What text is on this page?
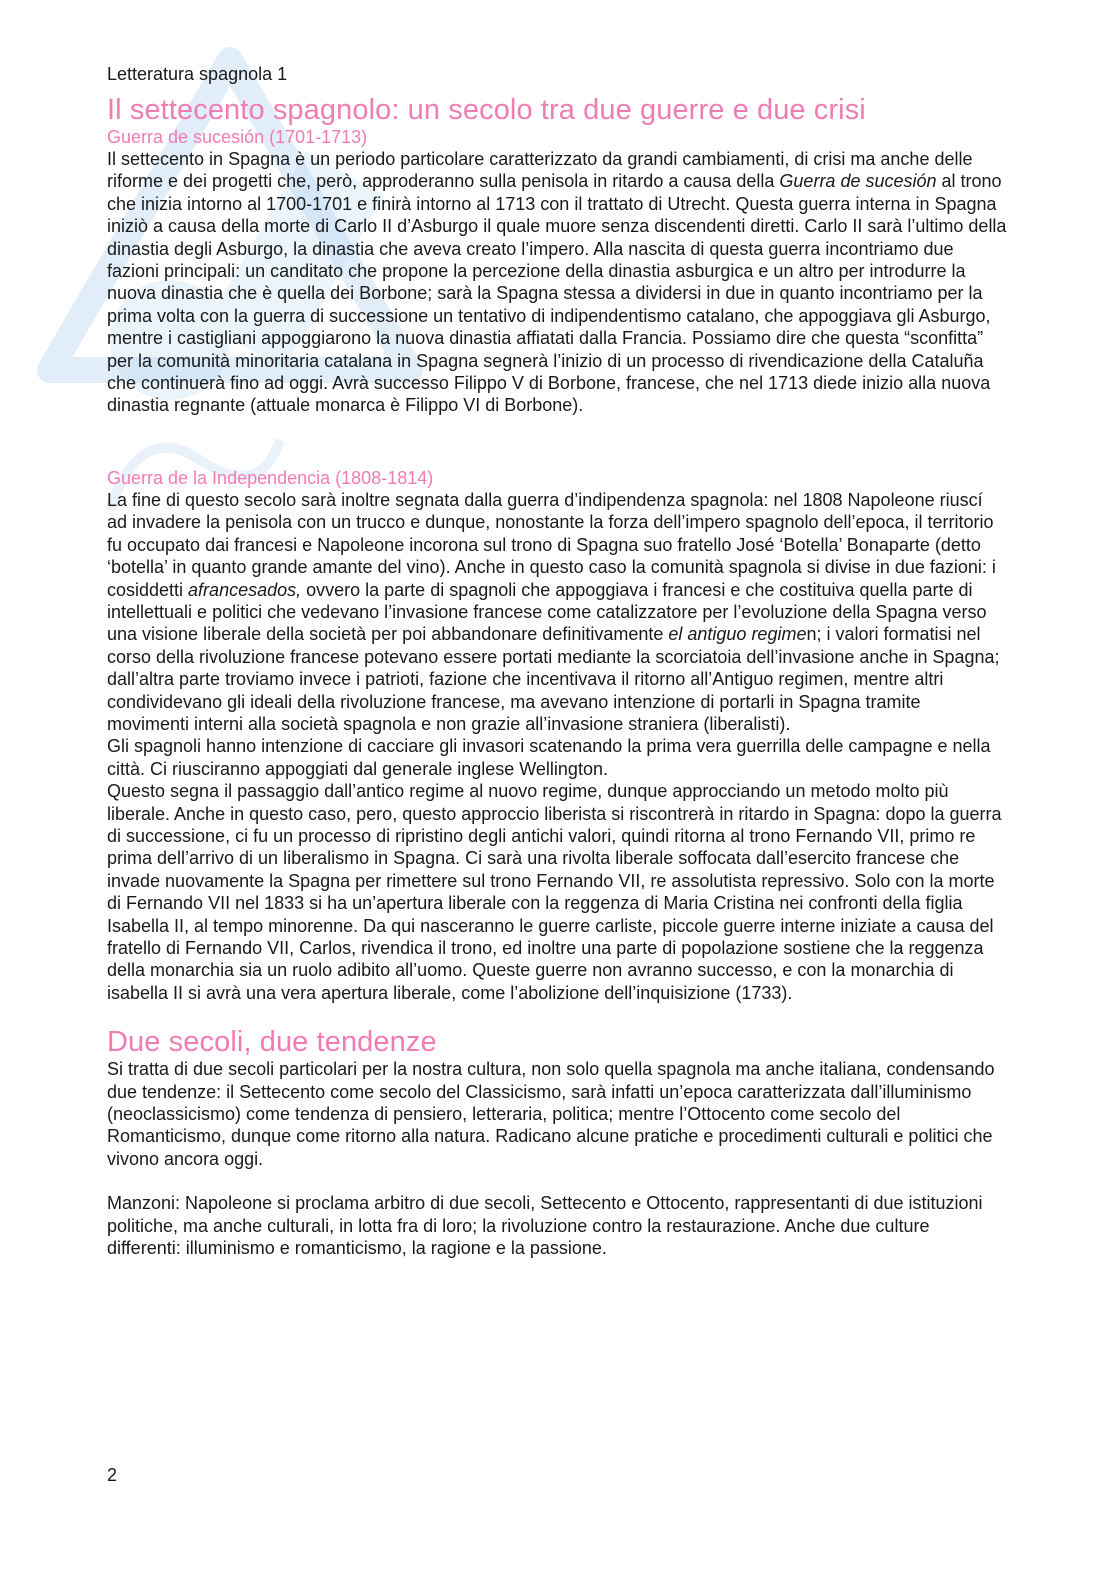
Letteratura spagnola 1
Il settecento spagnolo: un secolo tra due guerre e due crisi
Guerra de sucesión (1701-1713)

Il settecento in Spagna è un periodo particolare caratterizzato da grandi cambiamenti, di crisi ma anche delle riforme e dei progetti che, però, approderanno sulla penisola in ritardo a causa della Guerra de sucesión al trono che inizia intorno al 1700-1701 e finirà intorno al 1713 con il trattato di Utrecht. Questa guerra interna in Spagna iniziò a causa della morte di Carlo II d’Asburgo il quale muore senza discendenti diretti. Carlo II sarà l’ultimo della dinastia degli Asburgo, la dinastia che aveva creato l’impero. Alla nascita di questa guerra incontriamo due fazioni principali: un canditato che propone la percezione della dinastia asburgica e un altro per introdurre la nuova dinastia che è quella dei Borbone; sarà la Spagna stessa a dividersi in due in quanto incontriamo per la prima volta con la guerra di successione un tentativo di indipendentismo catalano, che appoggiava gli Asburgo, mentre i castigliani appoggiarono la nuova dinastia affiatati dalla Francia. Possiamo dire che questa “sconfitta” per la comunità minoritaria catalana in Spagna segnerà l’inizio di un processo di rivendicazione della Cataluña che continuerà fino ad oggi. Avrà successo Filippo V di Borbone, francese, che nel 1713 diede inizio alla nuova dinastia regnante (attuale monarca è Filippo VI di Borbone).

Guerra de la Independencia (1808-1814)

La fine di questo secolo sarà inoltre segnata dalla guerra d’indipendenza spagnola: nel 1808 Napoleone riuscí ad invadere la penisola con un trucco e dunque, nonostante la forza dell’impero spagnolo dell’epoca, il territorio fu occupato dai francesi e Napoleone incorona sul trono di Spagna suo fratello José ‘Botella’ Bonaparte (detto ‘botella’ in quanto grande amante del vino). Anche in questo caso la comunità spagnola si divise in due fazioni: i cosiddetti afrancesados, ovvero la parte di spagnoli che appoggiava i francesi e che costituiva quella parte di intellettuali e politici che vedevano l’invasione francese come catalizzatore per l’evoluzione della Spagna verso una visione liberale della società per poi abbandonare definitivamente el antiguo regimen; i valori formatisi nel corso della rivoluzione francese potevano essere portati mediante la scorciatoia dell’invasione anche in Spagna; dall’altra parte troviamo invece i patrioti, fazione che incentivava il ritorno all’Antiguo regimen, mentre altri condividevano gli ideali della rivoluzione francese, ma avevano intenzione di portarli in Spagna tramite movimenti interni alla società spagnola e non grazie all’invasione straniera (liberalisti).

Gli spagnoli hanno intenzione di cacciare gli invasori scatenando la prima vera guerrilla delle campagne e nella città. Ci riusciranno appoggiati dal generale inglese Wellington.

Questo segna il passaggio dall’antico regime al nuovo regime, dunque approcciando un metodo molto più liberale. Anche in questo caso, pero, questo approccio liberista si riscontrerà in ritardo in Spagna: dopo la guerra di successione, ci fu un processo di ripristino degli antichi valori, quindi ritorna al trono Fernando VII, primo re prima dell’arrivo di un liberalismo in Spagna. Ci sarà una rivolta liberale soffocata dall’esercito francese che invade nuovamente la Spagna per rimettere sul trono Fernando VII, re assolutista repressivo. Solo con la morte di Fernando VII nel 1833 si ha un’apertura liberale con la reggenza di Maria Cristina nei confronti della figlia Isabella II, al tempo minorenne. Da qui nasceranno le guerre carliste, piccole guerre interne iniziate a causa del fratello di Fernando VII, Carlos, rivendica il trono, ed inoltre una parte di popolazione sostiene che la reggenza della monarchia sia un ruolo adibito all’uomo. Queste guerre non avranno successo, e con la monarchia di isabella II si avrà una vera apertura liberale, come l’abolizione dell’inquisizione (1733).

Due secoli, due tendenze

Si tratta di due secoli particolari per la nostra cultura, non solo quella spagnola ma anche italiana, condensando due tendenze: il Settecento come secolo del Classicismo, sarà infatti un’epoca caratterizzata dall’illuminismo (neoclassicismo) come tendenza di pensiero, letteraria, politica; mentre l’Ottocento come secolo del Romanticismo, dunque come ritorno alla natura. Radicano alcune pratiche e procedimenti culturali e politici che vivono ancora oggi.

Manzoni: Napoleone si proclama arbitro di due secoli, Settecento e Ottocento, rappresentanti di due istituzioni politiche, ma anche culturali, in lotta fra di loro; la rivoluzione contro la restaurazione. Anche due culture differenti: illuminismo e romanticismo, la ragione e la passione.

2
